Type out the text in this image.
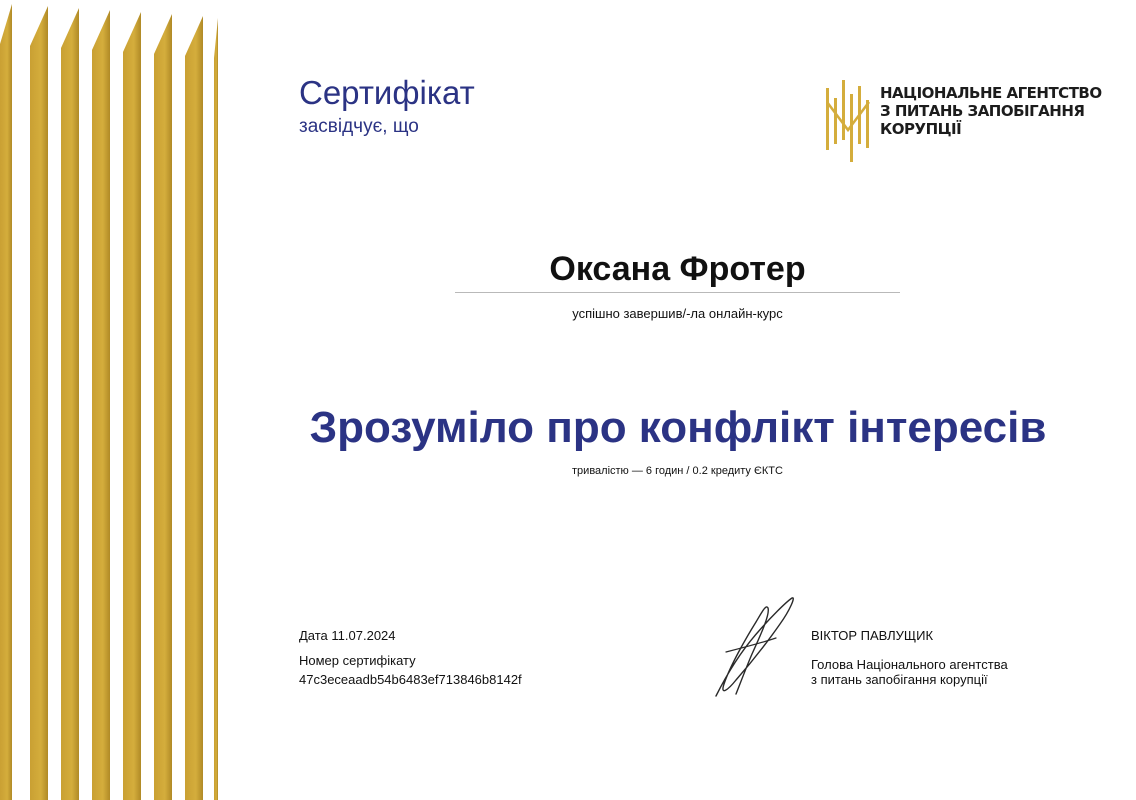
Сертифікат
засвідчує, що
НАЦІОНАЛЬНЕ АГЕНТСТВО
З ПИТАНЬ ЗАПОБІГАННЯ
КОРУПЦІЇ
Оксана Фротер
успішно завершив/-ла онлайн-курс
Зрозуміло про конфлікт інтересів
тривалістю — 6 годин / 0.2 кредиту ЄКТС
Дата 11.07.2024
Номер сертифікату
47c3eceaadb54b6483ef713846b8142f
ВІКТОР ПАВЛУЩИК
Голова Національного агентства
з питань запобігання корупції
